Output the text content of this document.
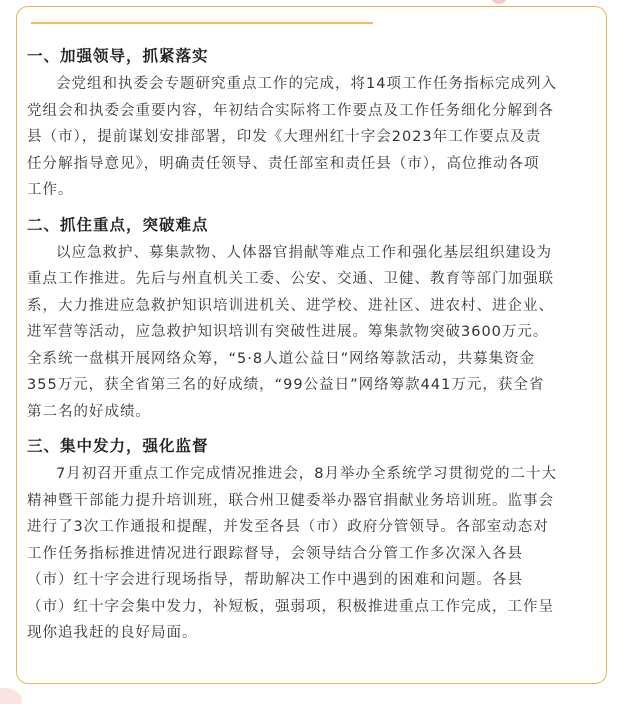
一、加强领导，抓紧落实

会党组和执委会专题研究重点工作的完成，将14项工作任务指标完成列入
党组会和执委会重要内容，年初结合实际将工作要点及工作任务细化分解到各
县（市），提前谋划安排部署，印发《大理州红十字会2023年工作要点及责
任分解指导意见》，明确责任领导、责任部室和责任县（市），高位推动各项
工作。

二、抓住重点，突破难点

以应急救护、募集款物、人体器官捐献等难点工作和强化基层组织建设为
重点工作推进。先后与州直机关工委、公安、交通、卫健、教育等部门加强联
系，大力推进应急救护知识培训进机关、进学校、进社区、进农村、进企业、
进军营等活动，应急救护知识培训有突破性进展。筹集款物突破3600万元。
全系统一盘棋开展网络众筹，“5·8人道公益日”网络筹款活动，共募集资金
355万元，获全省第三名的好成绩，“99公益日”网络筹款441万元，获全省
第二名的好成绩。

三、集中发力，强化监督

7月初召开重点工作完成情况推进会，8月举办全系统学习贯彻党的二十大
精神暨干部能力提升培训班，联合州卫健委举办器官捐献业务培训班。监事会
进行了3次工作通报和提醒，并发至各县（市）政府分管领导。各部室动态对
工作任务指标推进情况进行跟踪督导，会领导结合分管工作多次深入各县
（市）红十字会进行现场指导，帮助解决工作中遇到的困难和问题。各县
（市）红十字会集中发力，补短板，强弱项，积极推进重点工作完成，工作呈
现你追我赶的良好局面。
